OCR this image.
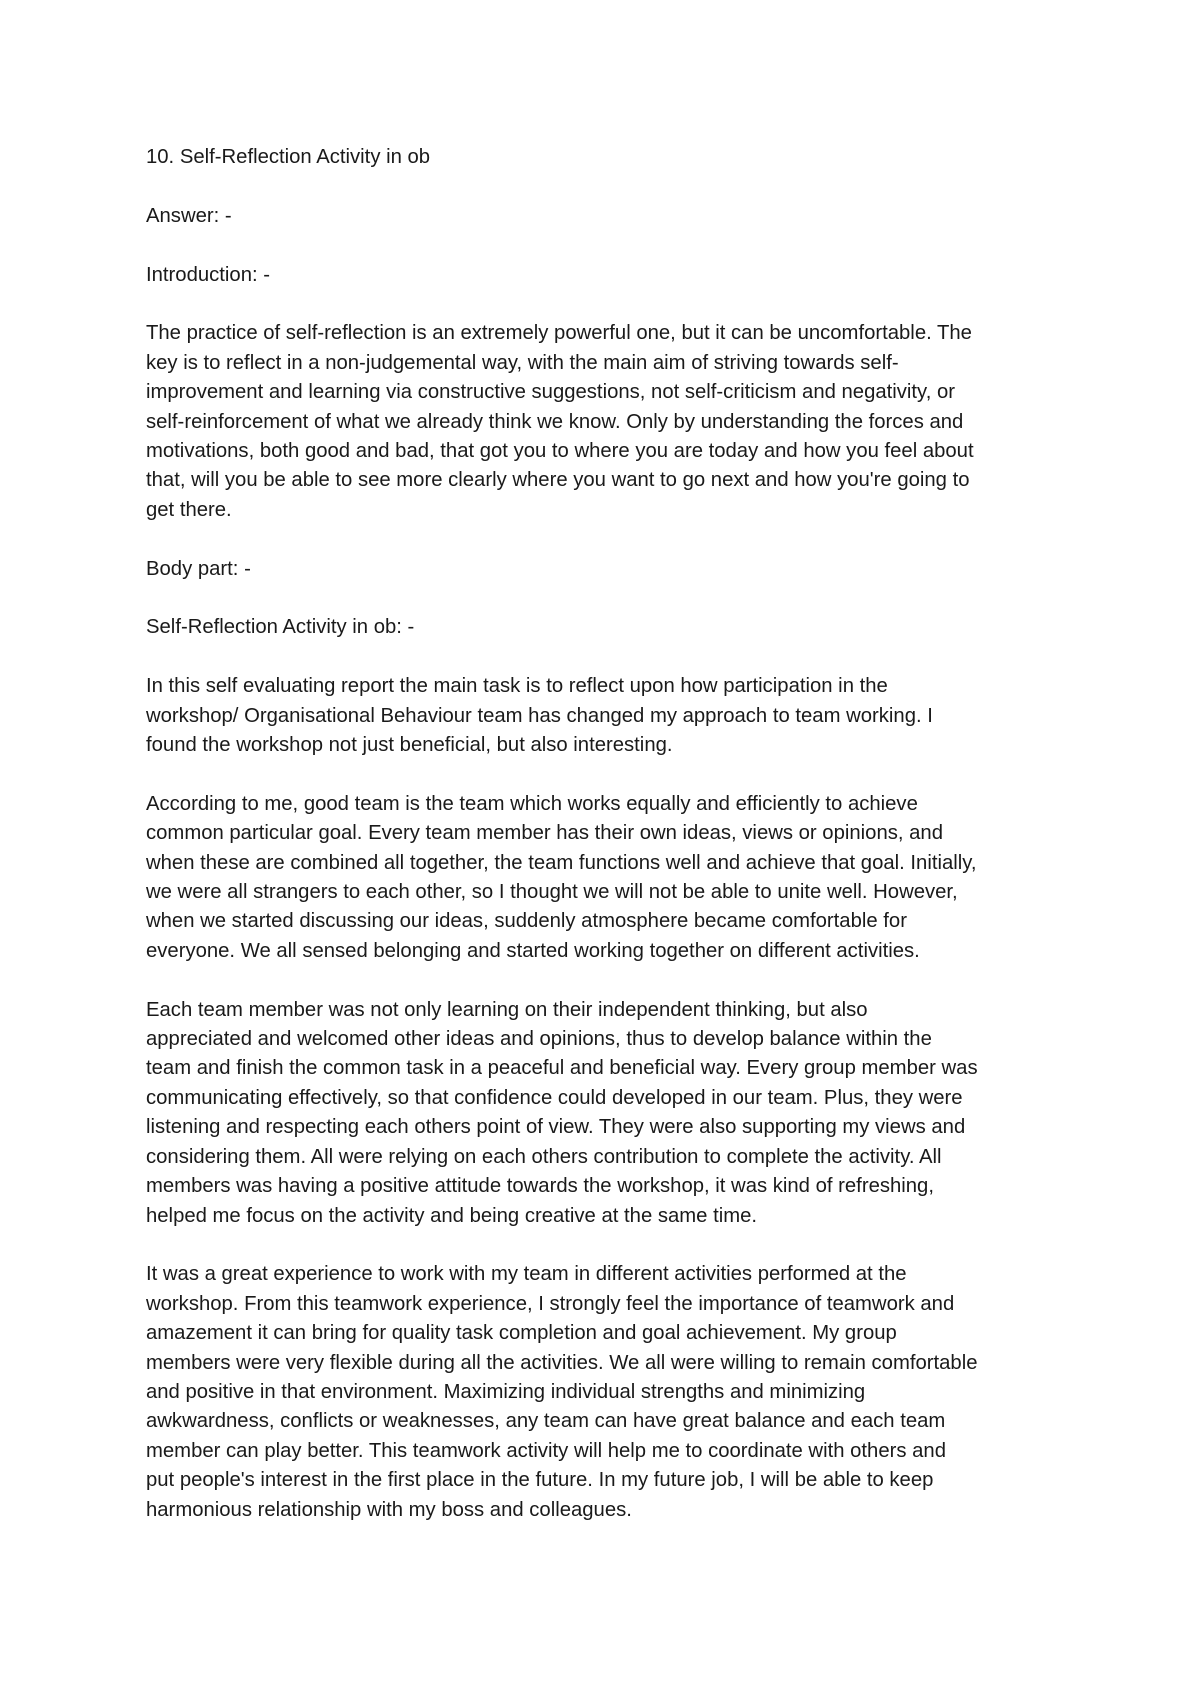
10. Self-Reflection Activity in ob

Answer: -

Introduction: -

The practice of self-reflection is an extremely powerful one, but it can be uncomfortable. The
key is to reflect in a non-judgemental way, with the main aim of striving towards self-
improvement and learning via constructive suggestions, not self-criticism and negativity, or
self-reinforcement of what we already think we know. Only by understanding the forces and
motivations, both good and bad, that got you to where you are today and how you feel about
that, will you be able to see more clearly where you want to go next and how you're going to
get there.

Body part: -

Self-Reflection Activity in ob: -

In this self evaluating report the main task is to reflect upon how participation in the
workshop/ Organisational Behaviour team has changed my approach to team working. I
found the workshop not just beneficial, but also interesting.

According to me, good team is the team which works equally and efficiently to achieve
common particular goal. Every team member has their own ideas, views or opinions, and
when these are combined all together, the team functions well and achieve that goal. Initially,
we were all strangers to each other, so I thought we will not be able to unite well. However,
when we started discussing our ideas, suddenly atmosphere became comfortable for
everyone. We all sensed belonging and started working together on different activities.

Each team member was not only learning on their independent thinking, but also
appreciated and welcomed other ideas and opinions, thus to develop balance within the
team and finish the common task in a peaceful and beneficial way. Every group member was
communicating effectively, so that confidence could developed in our team. Plus, they were
listening and respecting each others point of view. They were also supporting my views and
considering them. All were relying on each others contribution to complete the activity. All
members was having a positive attitude towards the workshop, it was kind of refreshing,
helped me focus on the activity and being creative at the same time.

It was a great experience to work with my team in different activities performed at the
workshop. From this teamwork experience, I strongly feel the importance of teamwork and
amazement it can bring for quality task completion and goal achievement. My group
members were very flexible during all the activities. We all were willing to remain comfortable
and positive in that environment. Maximizing individual strengths and minimizing
awkwardness, conflicts or weaknesses, any team can have great balance and each team
member can play better. This teamwork activity will help me to coordinate with others and
put people's interest in the first place in the future. In my future job, I will be able to keep
harmonious relationship with my boss and colleagues.
